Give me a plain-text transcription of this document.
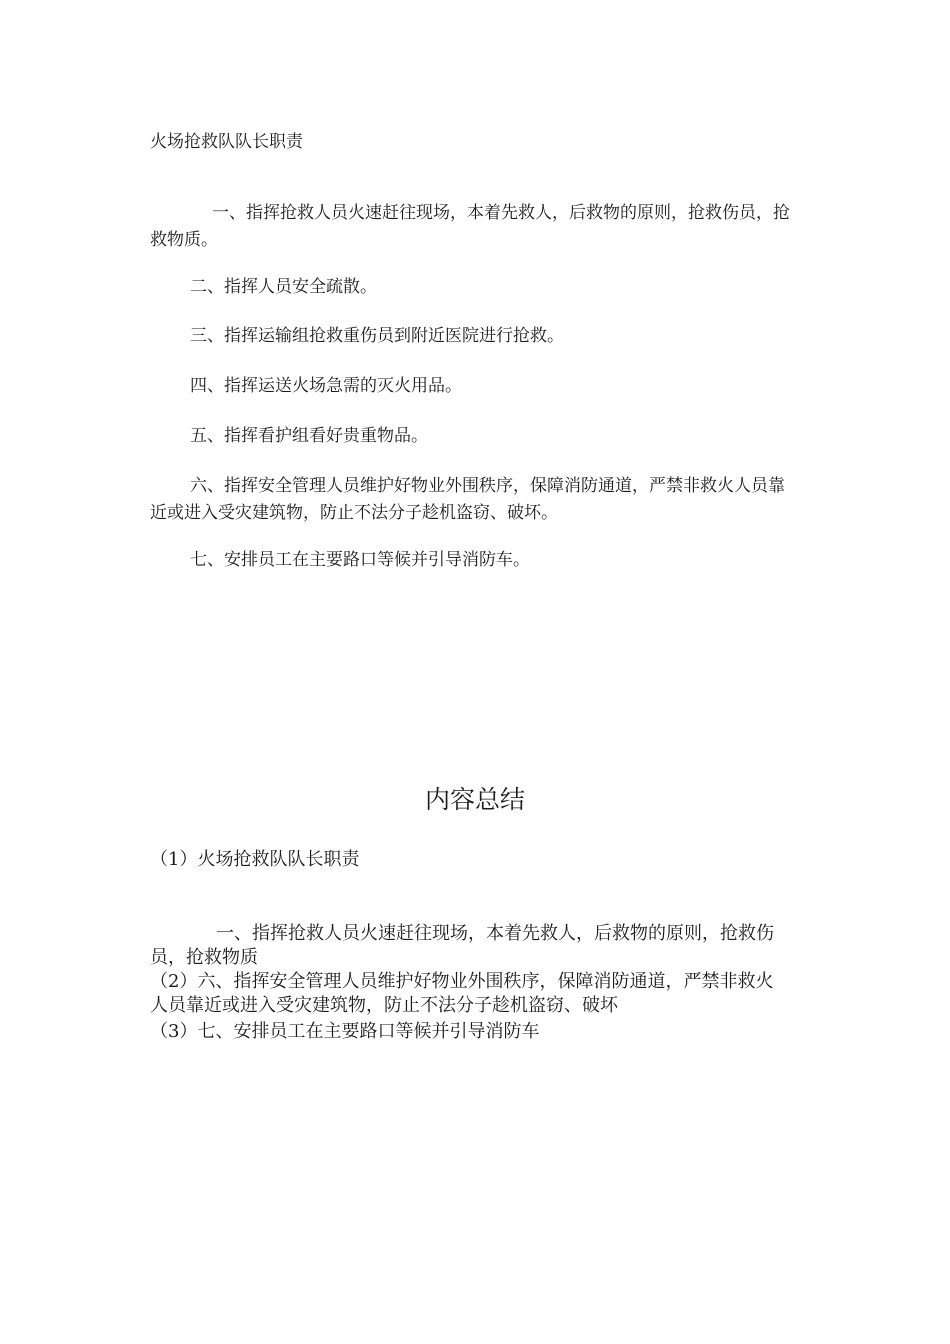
火场抢救队队长职责
一、指挥抢救人员火速赶往现场，本着先救人，后救物的原则，抢救伤员，抢救物质。
二、指挥人员安全疏散。
三、指挥运输组抢救重伤员到附近医院进行抢救。
四、指挥运送火场急需的灭火用品。
五、指挥看护组看好贵重物品。
六、指挥安全管理人员维护好物业外围秩序，保障消防通道，严禁非救火人员靠近或进入受灾建筑物，防止不法分子趁机盗窃、破坏。
七、安排员工在主要路口等候并引导消防车。
内容总结
（1）火场抢救队队长职责
一、指挥抢救人员火速赶往现场，本着先救人，后救物的原则，抢救伤员，抢救物质
（2）六、指挥安全管理人员维护好物业外围秩序，保障消防通道，严禁非救火人员靠近或进入受灾建筑物，防止不法分子趁机盗窃、破坏
（3）七、安排员工在主要路口等候并引导消防车
